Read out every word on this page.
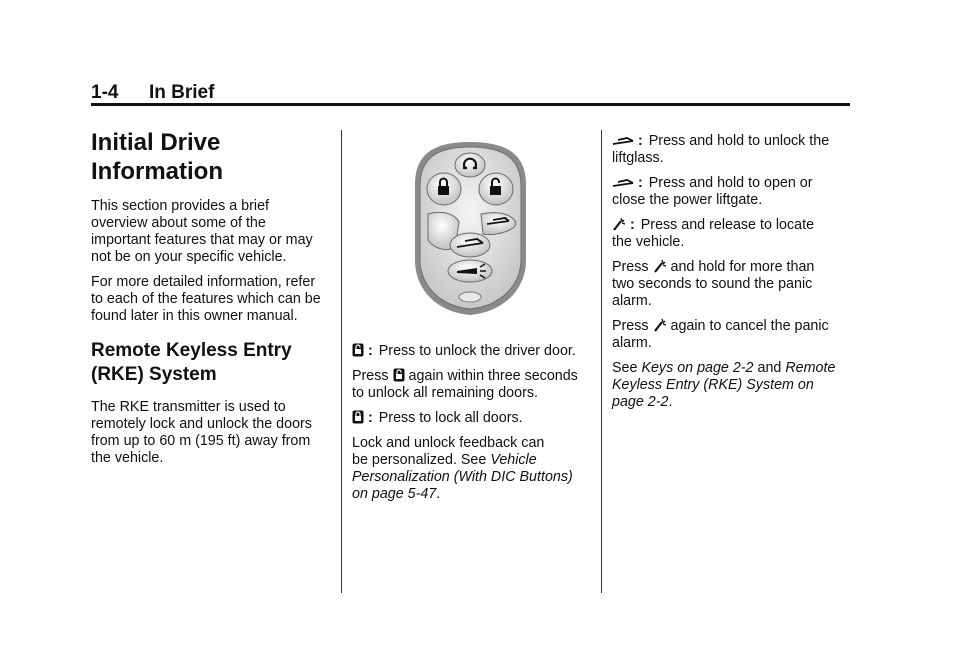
1-4 In Brief
Initial Drive
Information

This section provides a brief
overview about some of the
important features that may or may
not be on your specific vehicle.

For more detailed information, refer
to each of the features which can be
found later in this owner manual.

Remote Keyless Entry
(RKE) System

The RKE transmitter is used to
remotely lock and unlock the doors
from up to 60 m (195 ft) away from
the vehicle.

: Press to unlock the driver door.

Press again within three seconds
to unlock all remaining doors.

: Press to lock all doors.

Lock and unlock feedback can
be personalized. See Vehicle
Personalization (With DIC Buttons)
on page 5-47.

: Press and hold to unlock the
liftglass.

: Press and hold to open or
close the power liftgate.

: Press and release to locate
the vehicle.

Press and hold for more than
two seconds to sound the panic
alarm.

Press again to cancel the panic
alarm.

See Keys on page 2-2 and Remote
Keyless Entry (RKE) System on
page 2-2.
